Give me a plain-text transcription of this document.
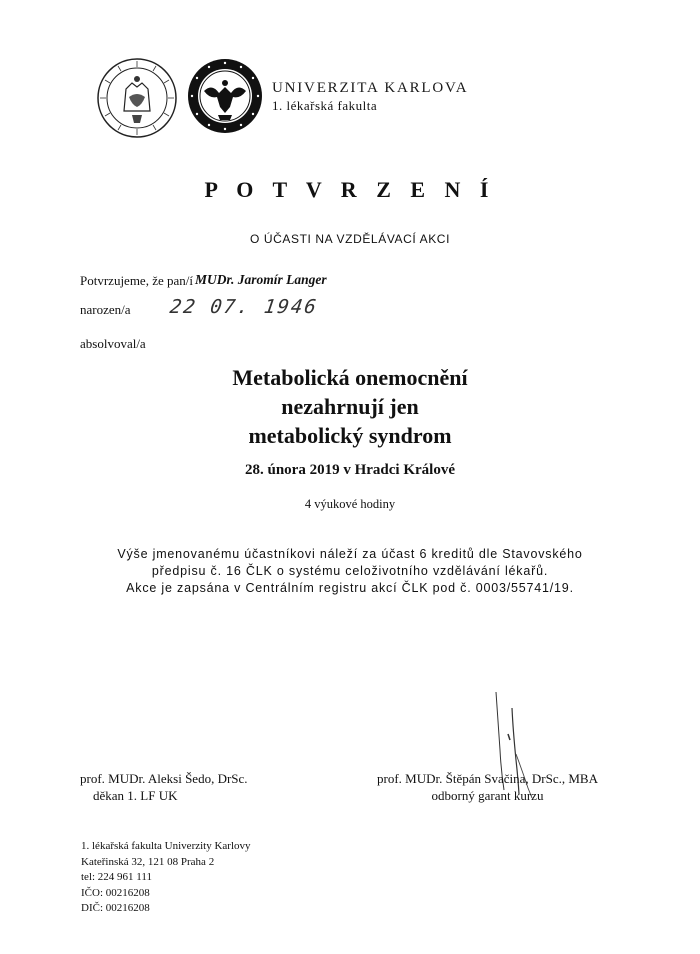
UNIVERZITA KARLOVA
1. lékařská fakulta
P O T V R Z E N Í
O ÚČASTI NA VZDĚLÁVACÍ AKCI
Potvrzujeme, že pan/í MUDr. Jaromír Langer
narozen/a 22 07. 1946
absolvoval/a
Metabolická onemocnění
nezahrnují jen
metabolický syndrom
28. února 2019 v Hradci Králové
4 výukové hodiny
Výše jmenovanému účastníkovi náleží za účast 6 kreditů dle Stavovského
předpisu č. 16 ČLK o systému celoživotního vzdělávání lékařů.
Akce je zapsána v Centrálním registru akcí ČLK pod č. 0003/55741/19.
prof. MUDr. Aleksi Šedo, DrSc.
děkan 1. LF UK
prof. MUDr. Štěpán Svačina, DrSc., MBA
odborný garant kurzu
1. lékařská fakulta Univerzity Karlovy
Kateřinská 32, 121 08 Praha 2
tel: 224 961 111
IČO: 00216208
DIČ: 00216208
